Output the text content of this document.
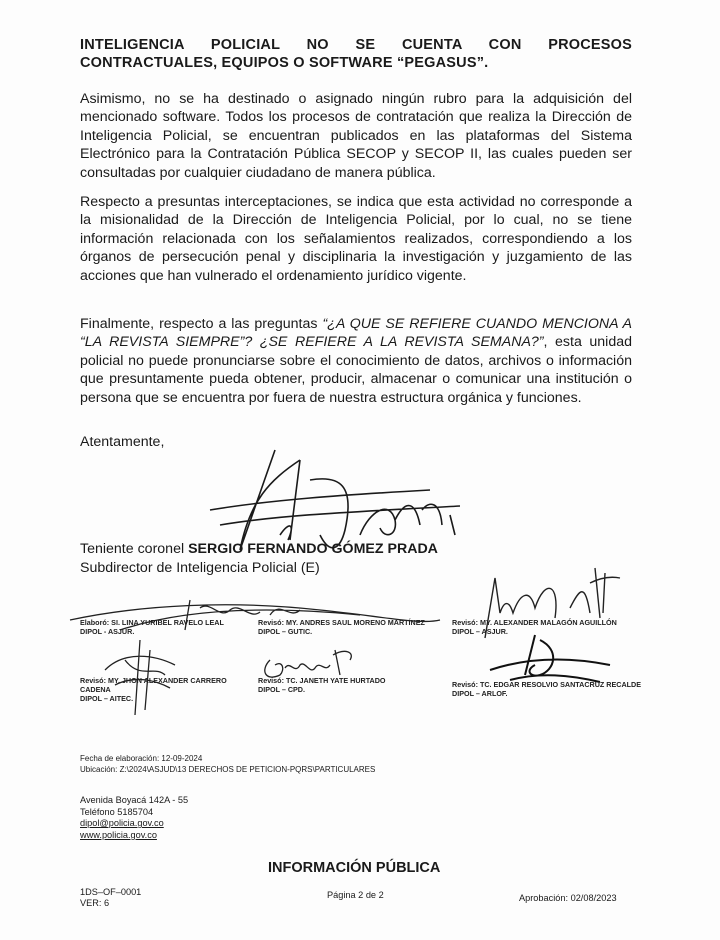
INTELIGENCIA POLICIAL NO SE CUENTA CON PROCESOS CONTRACTUALES, EQUIPOS O SOFTWARE “PEGASUS”.
Asimismo, no se ha destinado o asignado ningún rubro para la adquisición del mencionado software. Todos los procesos de contratación que realiza la Dirección de Inteligencia Policial, se encuentran publicados en las plataformas del Sistema Electrónico para la Contratación Pública SECOP y SECOP II, las cuales pueden ser consultadas por cualquier ciudadano de manera pública.
Respecto a presuntas interceptaciones, se indica que esta actividad no corresponde a la misionalidad de la Dirección de Inteligencia Policial, por lo cual, no se tiene información relacionada con los señalamientos realizados, correspondiendo a los órganos de persecución penal y disciplinaria la investigación y juzgamiento de las acciones que han vulnerado el ordenamiento jurídico vigente.
Finalmente, respecto a las preguntas “¿A QUE SE REFIERE CUANDO MENCIONA A “LA REVISTA SIEMPRE”? ¿SE REFIERE A LA REVISTA SEMANA?”, esta unidad policial no puede pronunciarse sobre el conocimiento de datos, archivos o información que presuntamente pueda obtener, producir, almacenar o comunicar una institución o persona que se encuentra por fuera de nuestra estructura orgánica y funciones.
Atentamente,
Teniente coronel SERGIO FERNANDO GÓMEZ PRADA
Subdirector de Inteligencia Policial (E)
Elaboró: SI. LINA YURIBEL RAVELO LEAL
DIPOL - ASJUR.
Revisó: MY. ANDRES SAUL MORENO MARTÍNEZ
DIPOL – GUTIC.
Revisó: MY. ALEXANDER MALAGÓN AGUILLÓN
DIPOL – ASJUR.
Revisó: MY. JHON ALEXANDER CARRERO
CADENA
DIPOL – AITEC.
Revisó: TC. JANETH YATE HURTADO
DIPOL – CPD.
Revisó: TC. EDGAR RESOLVIO SANTACRUZ RECALDE
DIPOL – ARLOF.
Fecha de elaboración: 12-09-2024
Ubicación: Z:\2024\ASJUD\13 DERECHOS DE PETICION-PQRS\PARTICULARES
Avenida Boyacá 142A - 55
Teléfono 5185704
dipol@policia.gov.co
www.policia.gov.co
INFORMACIÓN PÚBLICA
1DS–OF–0001
VER: 6
Página 2 de 2	Aprobación: 02/08/2023
